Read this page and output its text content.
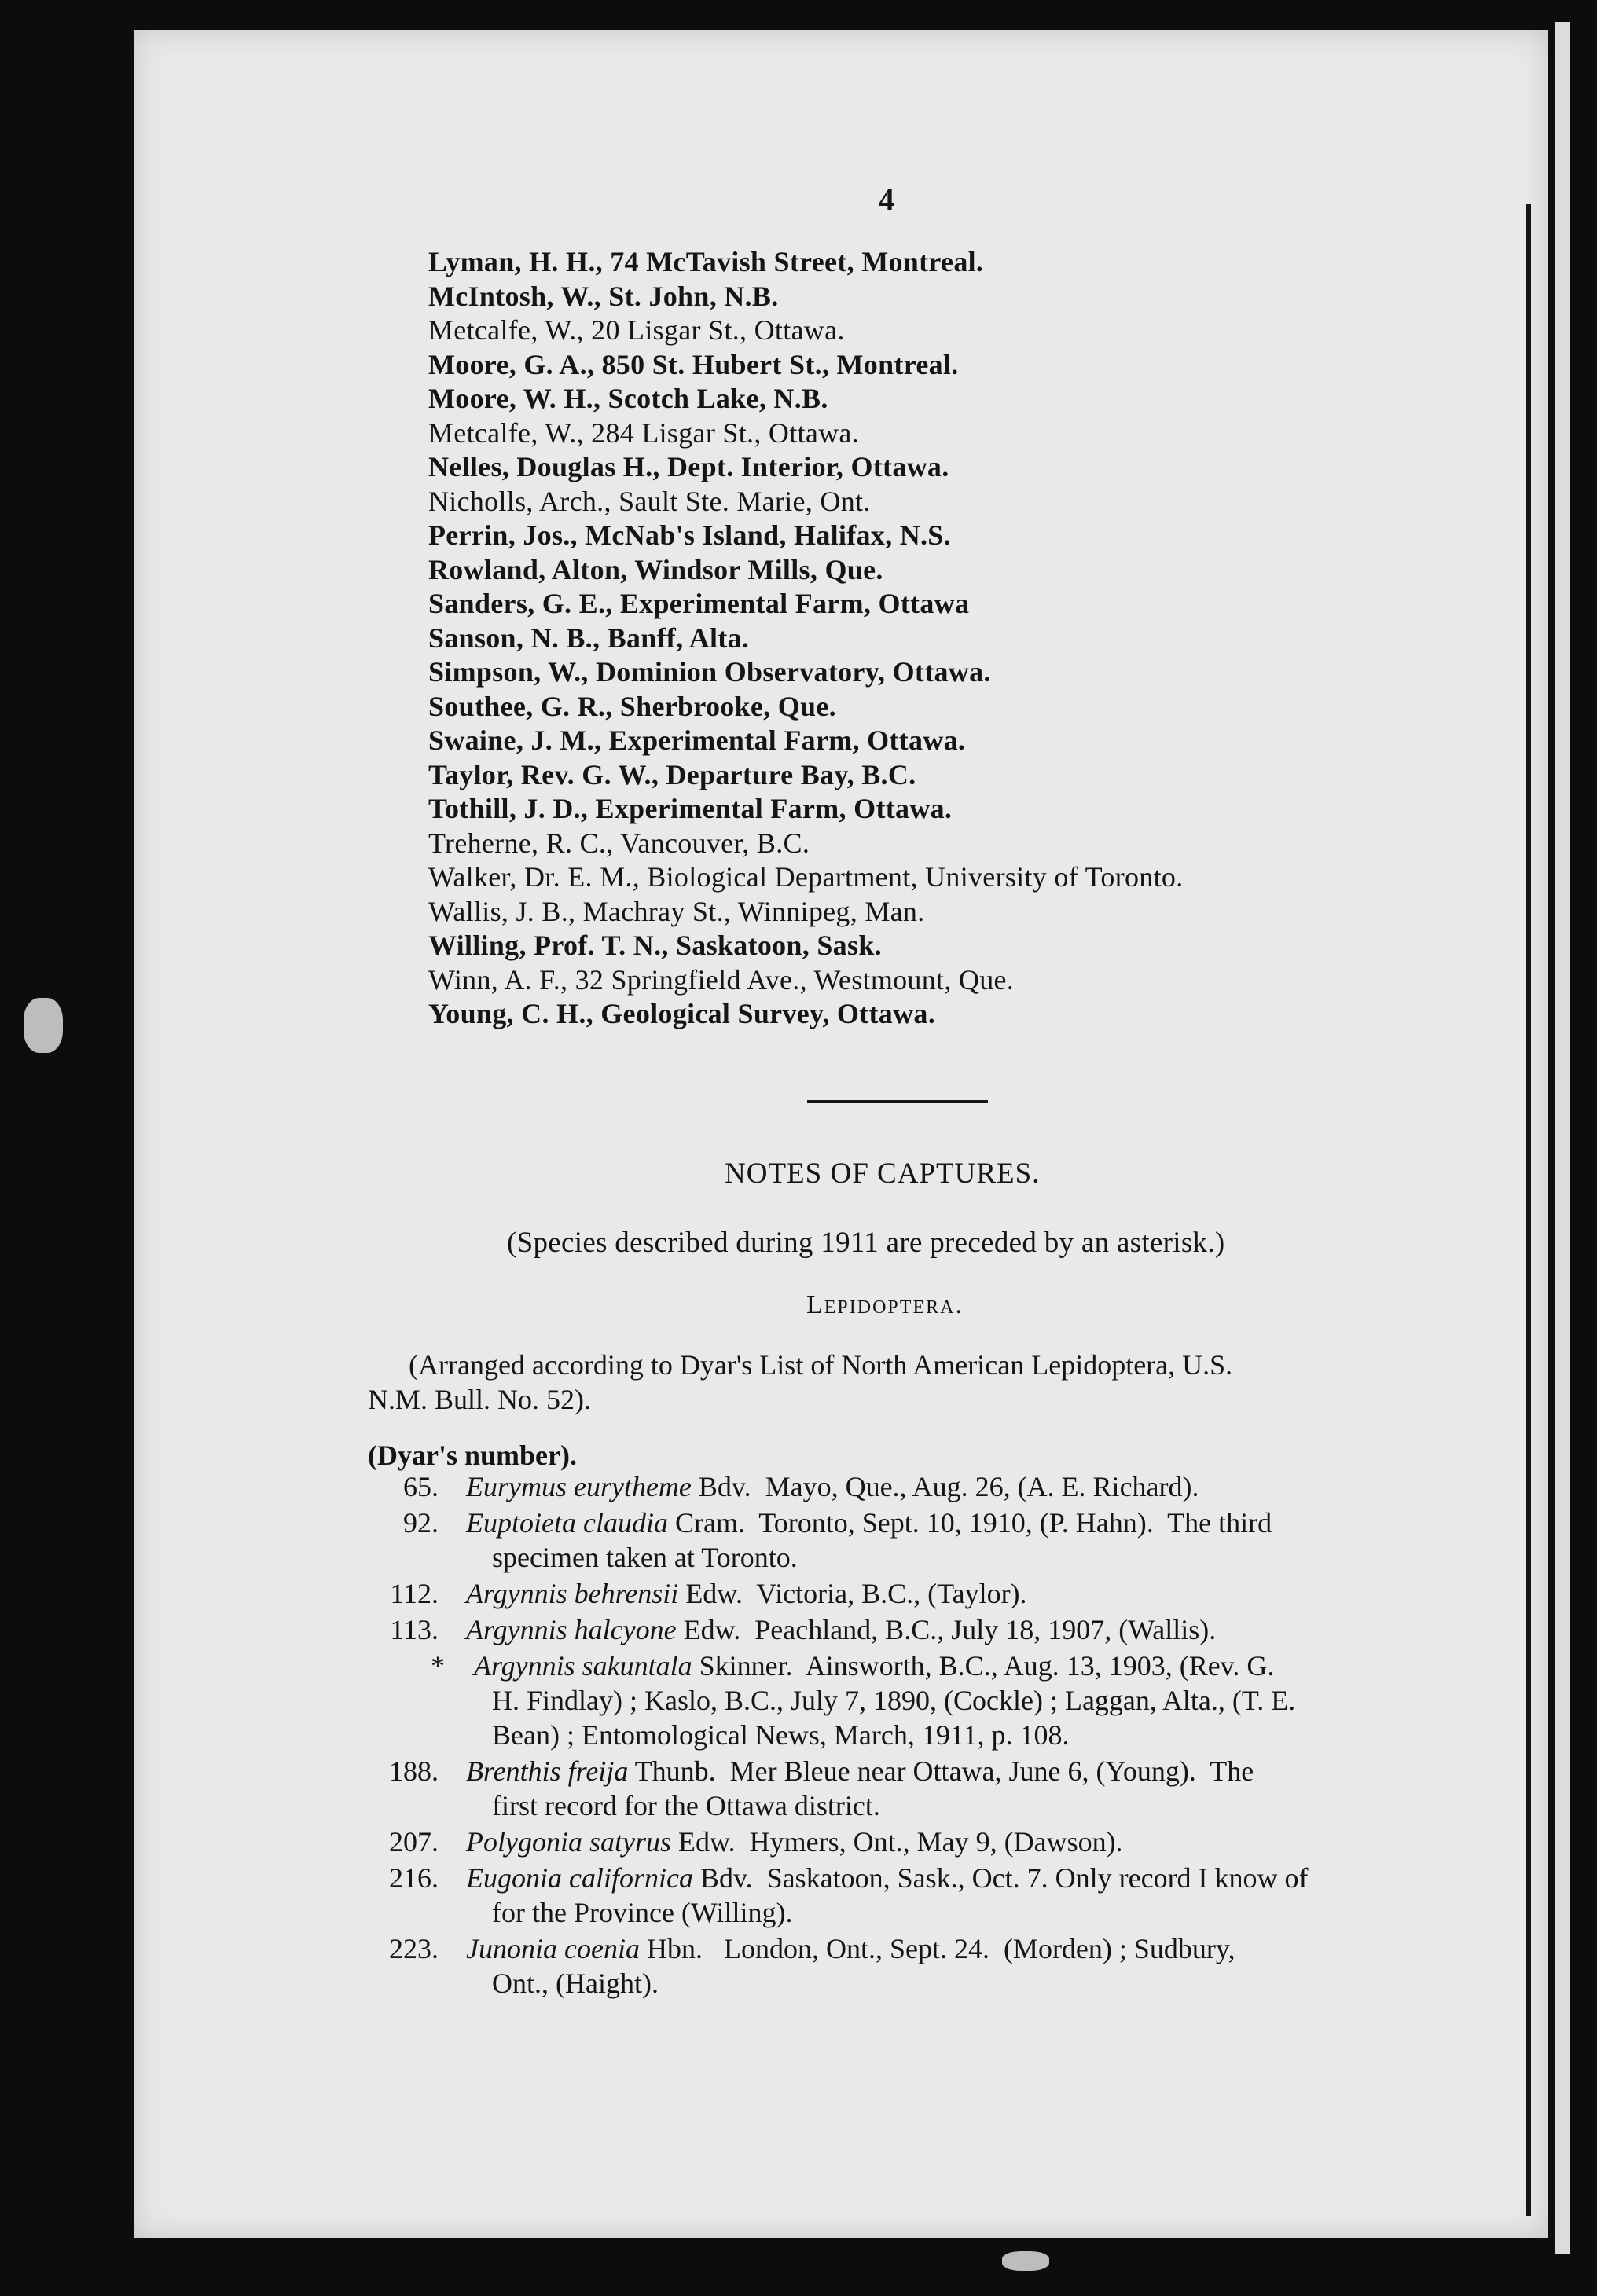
4
Lyman, H. H., 74 McTavish Street, Montreal.
McIntosh, W., St. John, N.B.
Metcalfe, W., 20 Lisgar St., Ottawa.
Moore, G. A., 850 St. Hubert St., Montreal.
Moore, W. H., Scotch Lake, N.B.
Metcalfe, W., 284 Lisgar St., Ottawa.
Nelles, Douglas H., Dept. Interior, Ottawa.
Nicholls, Arch., Sault Ste. Marie, Ont.
Perrin, Jos., McNab's Island, Halifax, N.S.
Rowland, Alton, Windsor Mills, Que.
Sanders, G. E., Experimental Farm, Ottawa
Sanson, N. B., Banff, Alta.
Simpson, W., Dominion Observatory, Ottawa.
Southee, G. R., Sherbrooke, Que.
Swaine, J. M., Experimental Farm, Ottawa.
Taylor, Rev. G. W., Departure Bay, B.C.
Tothill, J. D., Experimental Farm, Ottawa.
Treherne, R. C., Vancouver, B.C.
Walker, Dr. E. M., Biological Department, University of Toronto.
Wallis, J. B., Machray St., Winnipeg, Man.
Willing, Prof. T. N., Saskatoon, Sask.
Winn, A. F., 32 Springfield Ave., Westmount, Que.
Young, C. H., Geological Survey, Ottawa.
NOTES OF CAPTURES.
(Species described during 1911 are preceded by an asterisk.)
Lepidoptera.
(Arranged according to Dyar's List of North American Lepidoptera, U.S.
N.M. Bull. No. 52).
(Dyar's number).
65. Eurymus eurytheme Bdv.  Mayo, Que., Aug. 26, (A. E. Richard).
92. Euptoieta claudia Cram.  Toronto, Sept. 10, 1910, (P. Hahn).  The third
specimen taken at Toronto.
112. Argynnis behrensii Edw.  Victoria, B.C., (Taylor).
113. Argynnis halcyone Edw.  Peachland, B.C., July 18, 1907, (Wallis).
* Argynnis sakuntala Skinner.  Ainsworth, B.C., Aug. 13, 1903, (Rev. G.
H. Findlay) ; Kaslo, B.C., July 7, 1890, (Cockle) ; Laggan, Alta., (T. E.
Bean) ; Entomological News, March, 1911, p. 108.
188. Brenthis freija Thunb.  Mer Bleue near Ottawa, June 6, (Young).  The
first record for the Ottawa district.
207. Polygonia satyrus Edw.  Hymers, Ont., May 9, (Dawson).
216. Eugonia californica Bdv.  Saskatoon, Sask., Oct. 7. Only record I know of
for the Province (Willing).
223. Junonia coenia Hbn.   London, Ont., Sept. 24.  (Morden) ; Sudbury,
Ont., (Haight).
